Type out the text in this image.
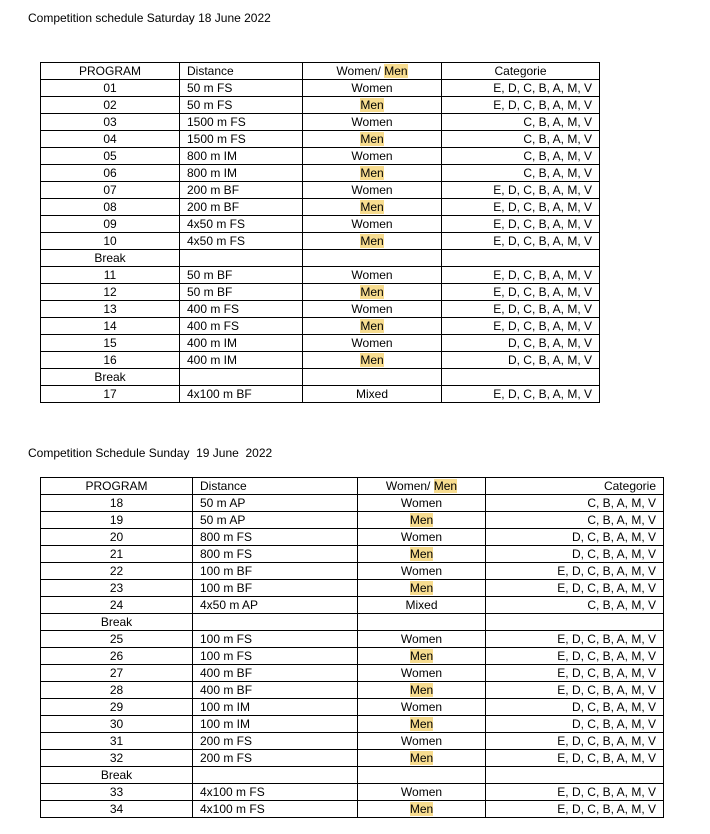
Competition schedule Saturday 18 June 2022
PROGRAM	Distance	Women/ Men	Categorie
01	50 m FS	Women	E, D, C, B, A, M, V
02	50 m FS	Men	E, D, C, B, A, M, V
03	1500 m FS	Women	C, B, A, M, V
04	1500 m FS	Men	C, B, A, M, V
05	800 m IM	Women	C, B, A, M, V
06	800 m IM	Men	C, B, A, M, V
07	200 m BF	Women	E, D, C, B, A, M, V
08	200 m BF	Men	E, D, C, B, A, M, V
09	4x50 m FS	Women	E, D, C, B, A, M, V
10	4x50 m FS	Men	E, D, C, B, A, M, V
Break			
11	50 m BF	Women	E, D, C, B, A, M, V
12	50 m BF	Men	E, D, C, B, A, M, V
13	400 m FS	Women	E, D, C, B, A, M, V
14	400 m FS	Men	E, D, C, B, A, M, V
15	400 m IM	Women	D, C, B, A, M, V
16	400 m IM	Men	D, C, B, A, M, V
Break			
17	4x100 m BF	Mixed	E, D, C, B, A, M, V
Competition Schedule Sunday  19 June  2022
PROGRAM	Distance	Women/ Men	Categorie
18	50 m AP	Women	C, B, A, M, V
19	50 m AP	Men	C, B, A, M, V
20	800 m FS	Women	D, C, B, A, M, V
21	800 m FS	Men	D, C, B, A, M, V
22	100 m BF	Women	E, D, C, B, A, M, V
23	100 m BF	Men	E, D, C, B, A, M, V
24	4x50 m AP	Mixed	C, B, A, M, V
Break			
25	100 m FS	Women	E, D, C, B, A, M, V
26	100 m FS	Men	E, D, C, B, A, M, V
27	400 m BF	Women	E, D, C, B, A, M, V
28	400 m BF	Men	E, D, C, B, A, M, V
29	100 m IM	Women	D, C, B, A, M, V
30	100 m IM	Men	D, C, B, A, M, V
31	200 m FS	Women	E, D, C, B, A, M, V
32	200 m FS	Men	E, D, C, B, A, M, V
Break			
33	4x100 m FS	Women	E, D, C, B, A, M, V
34	4x100 m FS	Men	E, D, C, B, A, M, V
